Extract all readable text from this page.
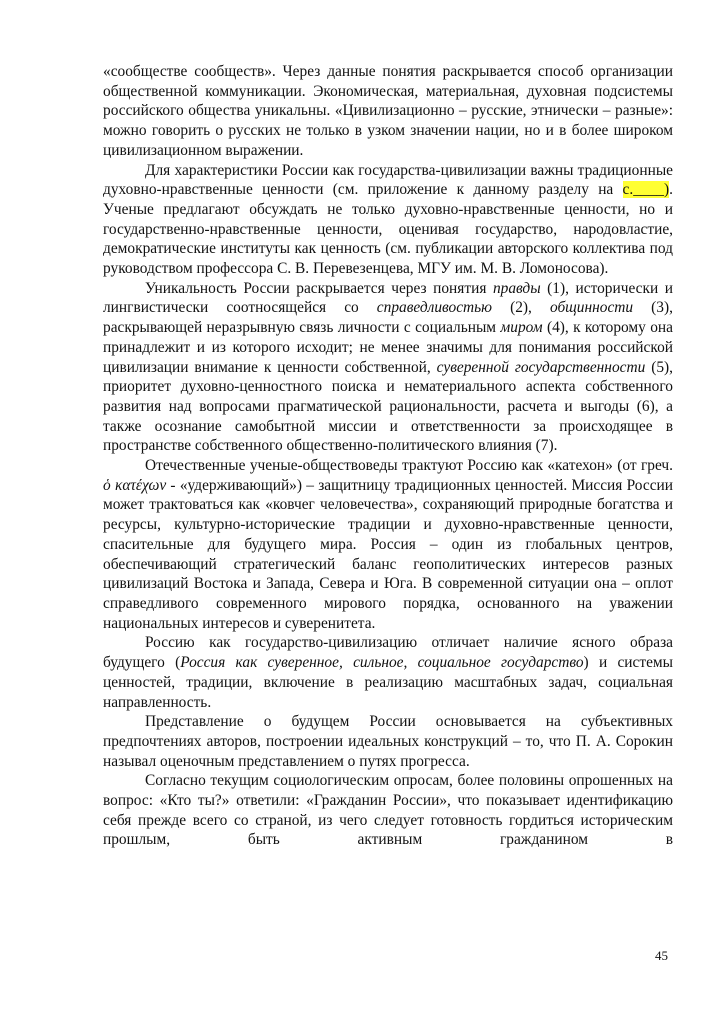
«сообществе сообществ». Через данные понятия раскрывается способ организации общественной коммуникации. Экономическая, материальная, духовная подсистемы российского общества уникальны. «Цивилизационно – русские, этнически – разные»: можно говорить о русских не только в узком значении нации, но и в более широком цивилизационном выражении.

Для характеристики России как государства-цивилизации важны традиционные духовно-нравственные ценности (см. приложение к данному разделу на с.____). Ученые предлагают обсуждать не только духовно-нравственные ценности, но и государственно-нравственные ценности, оценивая государство, народовластие, демократические институты как ценность (см. публикации авторского коллектива под руководством профессора С. В. Перевезенцева, МГУ им. М. В. Ломоносова).

Уникальность России раскрывается через понятия правды (1), исторически и лингвистически соотносящейся со справедливостью (2), общинности (3), раскрывающей неразрывную связь личности с социальным миром (4), к которому она принадлежит и из которого исходит; не менее значимы для понимания российской цивилизации внимание к ценности собственной, суверенной государственности (5), приоритет духовно-ценностного поиска и нематериального аспекта собственного развития над вопросами прагматической рациональности, расчета и выгоды (6), а также осознание самобытной миссии и ответственности за происходящее в пространстве собственного общественно-политического влияния (7).

Отечественные ученые-обществоведы трактуют Россию как «катехон» (от греч. ὁ κατέχων - «удерживающий») – защитницу традиционных ценностей. Миссия России может трактоваться как «ковчег человечества», сохраняющий природные богатства и ресурсы, культурно-исторические традиции и духовно-нравственные ценности, спасительные для будущего мира. Россия – один из глобальных центров, обеспечивающий стратегический баланс геополитических интересов разных цивилизаций Востока и Запада, Севера и Юга. В современной ситуации она – оплот справедливого современного мирового порядка, основанного на уважении национальных интересов и суверенитета.

Россию как государство-цивилизацию отличает наличие ясного образа будущего (Россия как суверенное, сильное, социальное государство) и системы ценностей, традиции, включение в реализацию масштабных задач, социальная направленность.

Представление о будущем России основывается на субъективных предпочтениях авторов, построении идеальных конструкций – то, что П. А. Сорокин называл оценочным представлением о путях прогресса.

Согласно текущим социологическим опросам, более половины опрошенных на вопрос: «Кто ты?» ответили: «Гражданин России», что показывает идентификацию себя прежде всего со страной, из чего следует готовность гордиться историческим прошлым, быть активным гражданином в

45
